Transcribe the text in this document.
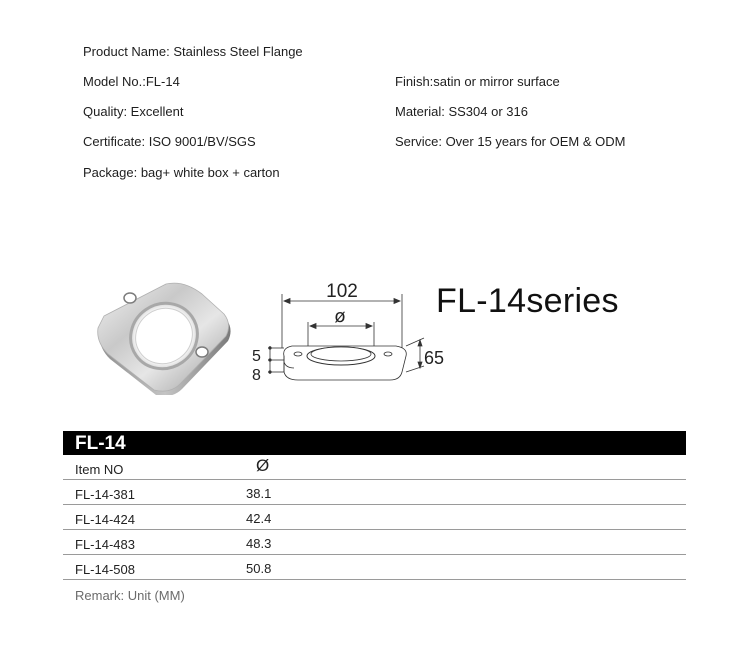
Product Name: Stainless Steel Flange
Model No.:FL-14
Quality: Excellent
Certificate: ISO 9001/BV/SGS
Package: bag+ white box + carton
Finish:satin or mirror surface
Material: SS304 or 316
Service: Over 15 years for OEM & ODM
102
ø
65
5
8
FL-14series
FL-14
Item NO	Ø
FL-14-381	38.1
FL-14-424	42.4
FL-14-483	48.3
FL-14-508	50.8
Remark: Unit (MM)
